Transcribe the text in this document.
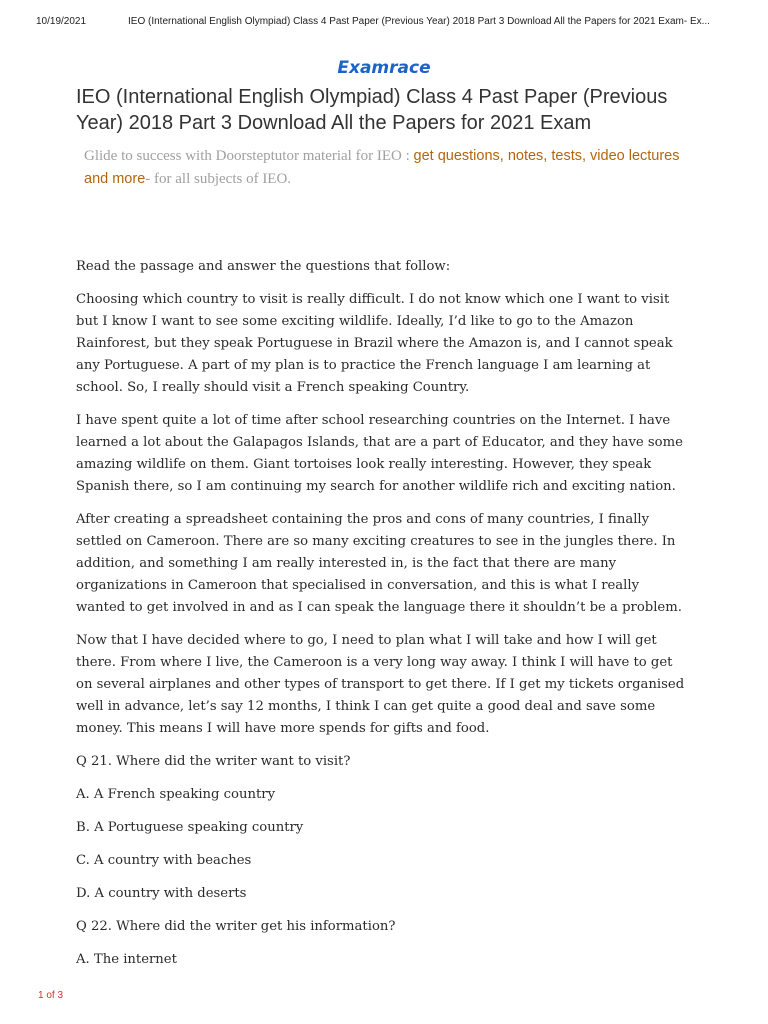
10/19/2021	IEO (International English Olympiad) Class 4 Past Paper (Previous Year) 2018 Part 3 Download All the Papers for 2021 Exam- Ex...
Examrace
IEO (International English Olympiad) Class 4 Past Paper (Previous Year) 2018 Part 3 Download All the Papers for 2021 Exam
Glide to success with Doorsteptutor material for IEO : get questions, notes, tests, video lectures and more- for all subjects of IEO.

Read the passage and answer the questions that follow:

Choosing which country to visit is really difficult. I do not know which one I want to visit but I know I want to see some exciting wildlife. Ideally, I’d like to go to the Amazon Rainforest, but they speak Portuguese in Brazil where the Amazon is, and I cannot speak any Portuguese. A part of my plan is to practice the French language I am learning at school. So, I really should visit a French speaking Country.

I have spent quite a lot of time after school researching countries on the Internet. I have learned a lot about the Galapagos Islands, that are a part of Educator, and they have some amazing wildlife on them. Giant tortoises look really interesting. However, they speak Spanish there, so I am continuing my search for another wildlife rich and exciting nation.

After creating a spreadsheet containing the pros and cons of many countries, I finally settled on Cameroon. There are so many exciting creatures to see in the jungles there. In addition, and something I am really interested in, is the fact that there are many organizations in Cameroon that specialised in conversation, and this is what I really wanted to get involved in and as I can speak the language there it shouldn’t be a problem.

Now that I have decided where to go, I need to plan what I will take and how I will get there. From where I live, the Cameroon is a very long way away. I think I will have to get on several airplanes and other types of transport to get there. If I get my tickets organised well in advance, let’s say 12 months, I think I can get quite a good deal and save some money. This means I will have more spends for gifts and food.

Q 21. Where did the writer want to visit?

A. A French speaking country

B. A Portuguese speaking country

C. A country with beaches

D. A country with deserts

Q 22. Where did the writer get his information?

A. The internet

1 of 3
